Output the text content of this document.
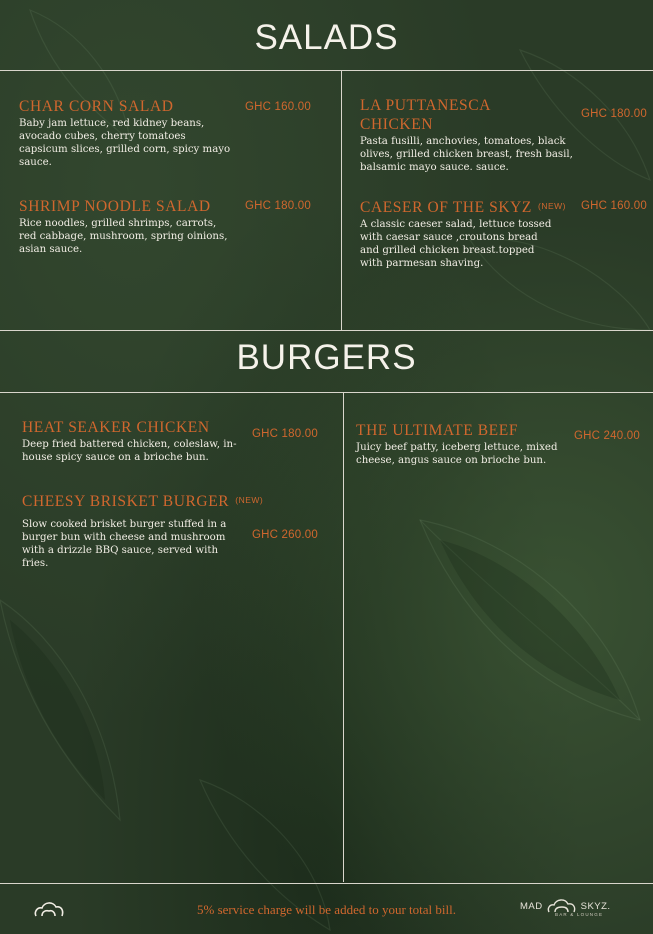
SALADS
CHAR CORN SALAD
Baby jam lettuce, red kidney beans, avocado cubes, cherry tomatoes capsicum slices, grilled corn, spicy mayo sauce.
GHC 160.00
SHRIMP NOODLE SALAD
Rice noodles, grilled shrimps, carrots, red cabbage, mushroom, spring oinions, asian sauce.
GHC 180.00
LA PUTTANESCA CHICKEN
Pasta fusilli, anchovies, tomatoes, black olives, grilled chicken breast, fresh basil, balsamic mayo sauce. sauce.
GHC 180.00
CAESER OF THE SKYZ (NEW)
A classic caeser salad, lettuce tossed with caesar sauce ,croutons bread and grilled chicken breast.topped with parmesan shaving.
GHC 160.00
BURGERS
HEAT SEAKER CHICKEN
Deep fried battered chicken, coleslaw, in-house spicy sauce on a brioche bun.
GHC 180.00
CHEESY BRISKET BURGER (NEW)
Slow cooked brisket burger stuffed in a burger bun with cheese and mushroom with a drizzle BBQ sauce, served with fries.
GHC 260.00
THE ULTIMATE BEEF
Juicy beef patty, iceberg lettuce, mixed cheese, angus sauce on brioche bun.
GHC 240.00
5% service charge will be added to your total bill.	MAD	SKYZ.
BAR & LOUNGE
